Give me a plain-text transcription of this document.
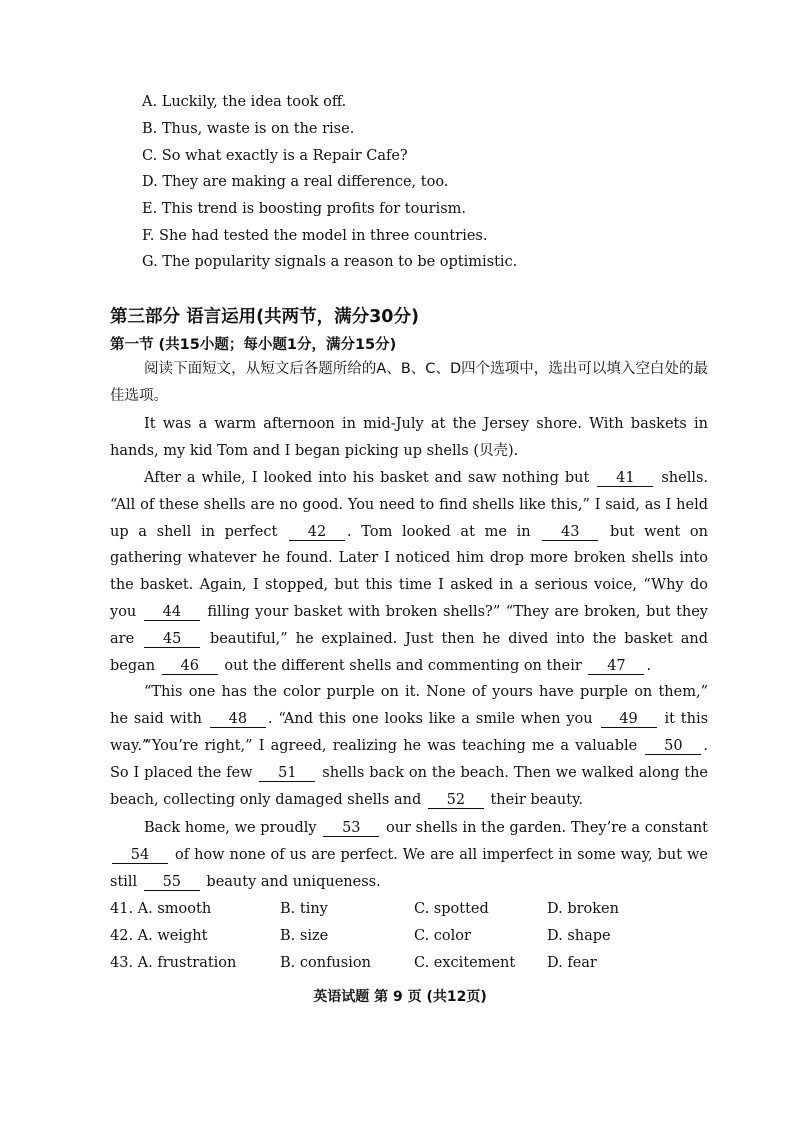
A. Luckily, the idea took off.
B. Thus, waste is on the rise.
C. So what exactly is a Repair Cafe?
D. They are making a real difference, too.
E. This trend is boosting profits for tourism.
F. She had tested the model in three countries.
G. The popularity signals a reason to be optimistic.
第三部分 语言运用(共两节，满分30分)
第一节 (共15小题；每小题1分，满分15分)
阅读下面短文，从短文后各题所给的A、B、C、D四个选项中，选出可以填入空白处的最佳选项。
It was a warm afternoon in mid-July at the Jersey shore. With baskets in hands, my kid Tom and I began picking up shells (贝壳).
After a while, I looked into his basket and saw nothing but 41 shells. “All of these shells are no good. You need to find shells like this,” I said, as I held up a shell in perfect 42 . Tom looked at me in 43 but went on gathering whatever he found. Later I noticed him drop more broken shells into the basket. Again, I stopped, but this time I asked in a serious voice, “Why do you 44 filling your basket with broken shells?” “They are broken, but they are 45 beautiful,” he explained. Just then he dived into the basket and began 46 out the different shells and commenting on their 47 .
“This one has the color purple on it. None of yours have purple on them,” he said with 48 . “And this one looks like a smile when you 49 it this way.”
“You’re right,” I agreed, realizing he was teaching me a valuable 50 . So I placed the few 51 shells back on the beach. Then we walked along the beach, collecting only damaged shells and 52 their beauty.
Back home, we proudly 53 our shells in the garden. They’re a constant 54 of how none of us are perfect. We are all imperfect in some way, but we still 55 beauty and uniqueness.
41. A. smooth	B. tiny	C. spotted	D. broken
42. A. weight	B. size	C. color	D. shape
43. A. frustration	B. confusion	C. excitement D. fear
英语试题 第 9 页 (共12页)
